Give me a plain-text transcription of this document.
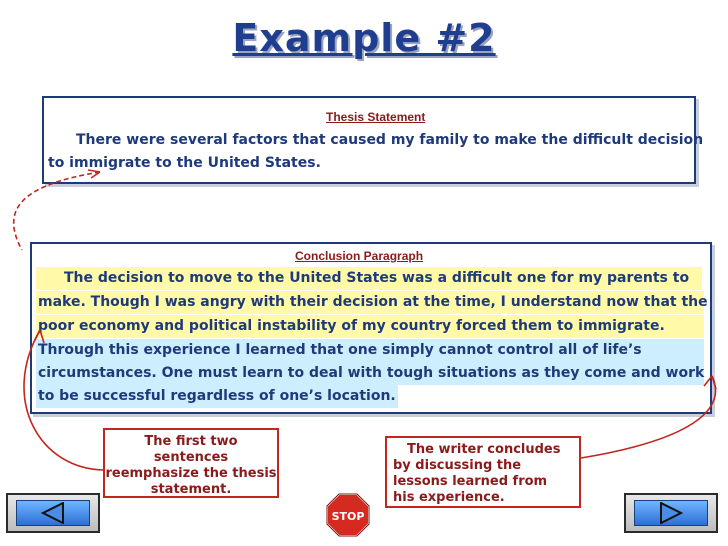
Example #2
Thesis Statement
There were several factors that caused my family to make the difficult decision
to immigrate to the United States.
Conclusion Paragraph
The decision to move to the United States was a difficult one for my parents to
make. Though I was angry with their decision at the time, I understand now that the
poor economy and political instability of my country forced them to immigrate.
Through this experience I learned that one simply cannot control all of life’s
circumstances. One must learn to deal with tough situations as they come and work
to be successful regardless of one’s location.
The first two sentences reemphasize the thesis statement.
The writer concludes by discussing the lessons learned from his experience.
STOP
